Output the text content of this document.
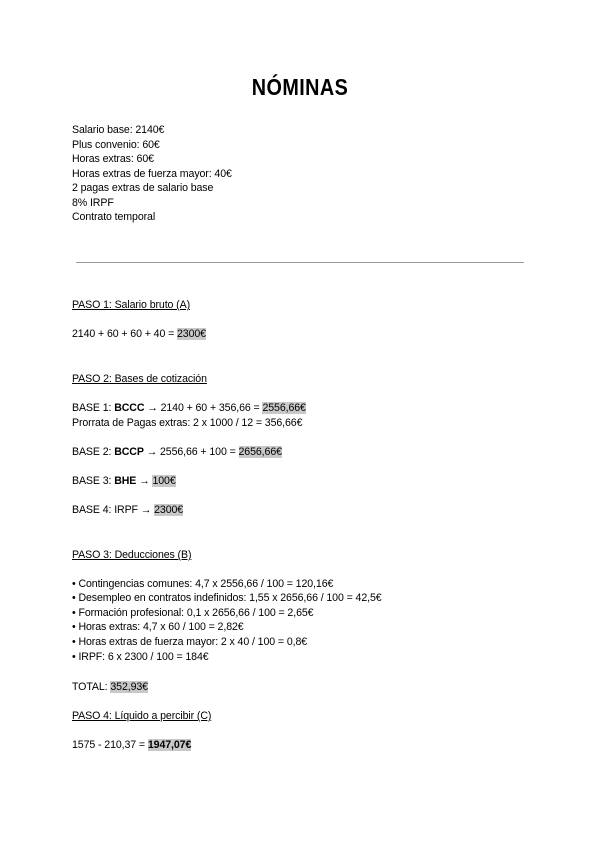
NÓMINAS
Salario base: 2140€
Plus convenio: 60€
Horas extras: 60€
Horas extras de fuerza mayor: 40€
2 pagas extras de salario base
8% IRPF
Contrato temporal
PASO 1: Salario bruto (A)
2140 + 60 + 60 + 40 = 2300€
PASO 2: Bases de cotización
BASE 1: BCCC → 2140 + 60 + 356,66 = 2556,66€
Prorrata de Pagas extras: 2 x 1000 / 12 = 356,66€
BASE 2: BCCP → 2556,66 + 100 = 2656,66€
BASE 3: BHE → 100€
BASE 4: IRPF → 2300€
PASO 3: Deducciones (B)
• Contingencias comunes: 4,7 x 2556,66 / 100 = 120,16€
• Desempleo en contratos indefinidos: 1,55 x 2656,66 / 100 = 42,5€
• Formación profesional: 0,1 x 2656,66 / 100 = 2,65€
• Horas extras: 4,7 x 60 / 100 = 2,82€
• Horas extras de fuerza mayor: 2 x 40 / 100 = 0,8€
• IRPF: 6 x 2300 / 100 = 184€
TOTAL: 352,93€
PASO 4: Líquido a percibir (C)
1575 - 210,37 = 1947,07€
